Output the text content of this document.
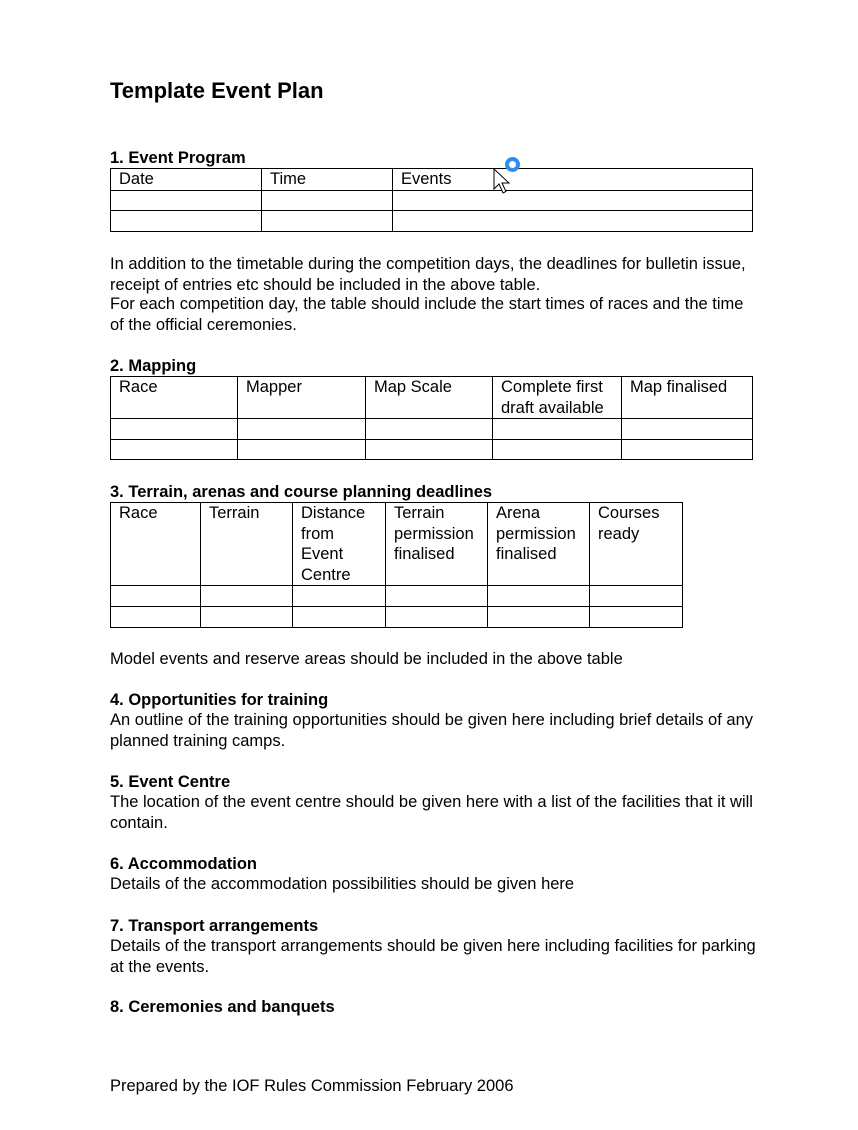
Template Event Plan
1. Event Program
Date	Time	Events

In addition to the timetable during the competition days, the deadlines for bulletin issue, receipt of entries etc should be included in the above table.
For each competition day, the table should include the start times of races and the time of the official ceremonies.
2. Mapping
Race	Mapper	Map Scale	Complete first draft available	Map finalised

3. Terrain, arenas and course planning deadlines
Race	Terrain	Distance from Event Centre	Terrain permission finalised	Arena permission finalised	Courses ready

Model events and reserve areas should be included in the above table
4. Opportunities for training
An outline of the training opportunities should be given here including brief details of any planned training camps.
5. Event Centre
The location of the event centre should be given here with a list of the facilities that it will contain.
6. Accommodation
Details of the accommodation possibilities should be given here
7. Transport arrangements
Details of the transport arrangements should be given here including facilities for parking at the events.
8. Ceremonies and banquets
Prepared by the IOF Rules Commission February 2006
